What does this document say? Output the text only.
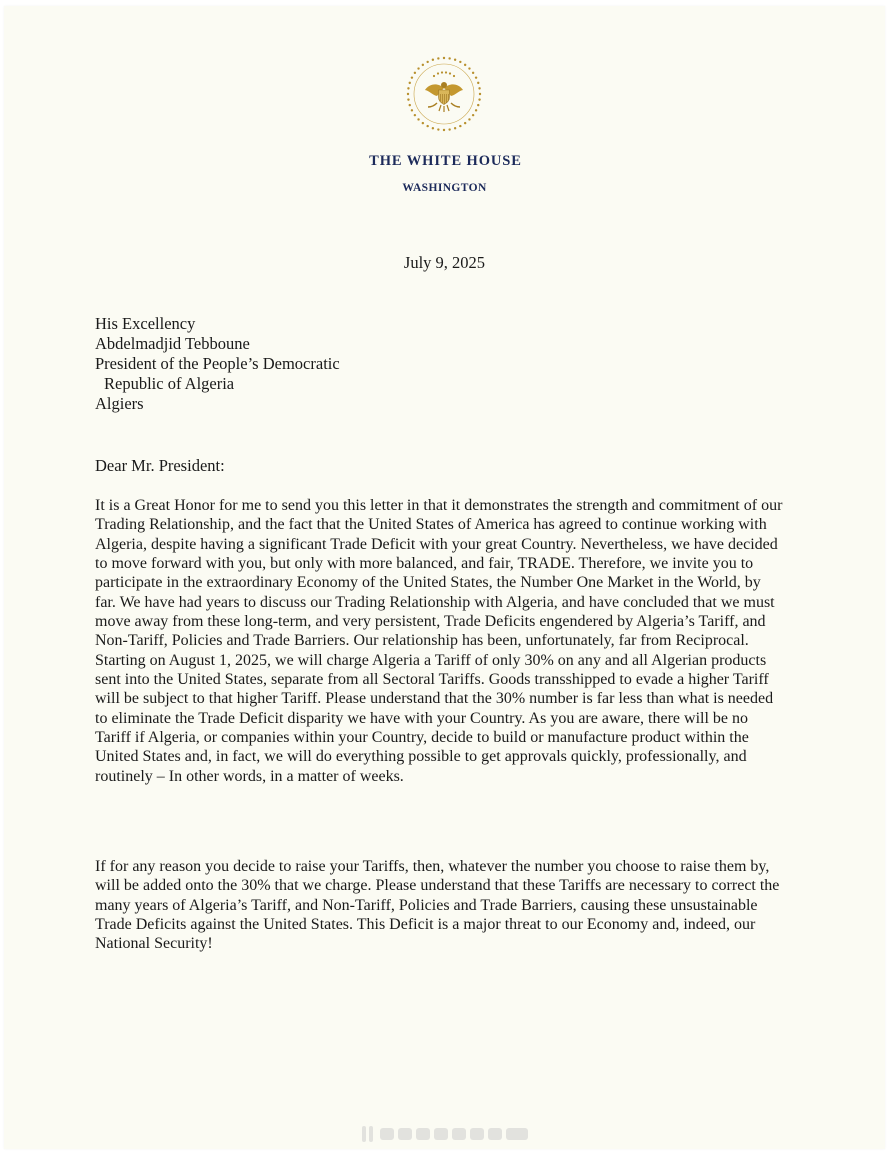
THE WHITE HOUSE
WASHINGTON
July 9, 2025
His Excellency
Abdelmadjid Tebboune
President of the People’s Democratic
Republic of Algeria
Algiers
Dear Mr. President:

It is a Great Honor for me to send you this letter in that it demonstrates the strength and commitment of our Trading Relationship, and the fact that the United States of America has agreed to continue working with Algeria, despite having a significant Trade Deficit with your great Country. Nevertheless, we have decided to move forward with you, but only with more balanced, and fair, TRADE. Therefore, we invite you to participate in the extraordinary Economy of the United States, the Number One Market in the World, by far. We have had years to discuss our Trading Relationship with Algeria, and have concluded that we must move away from these long-term, and very persistent, Trade Deficits engendered by Algeria’s Tariff, and Non-Tariff, Policies and Trade Barriers. Our relationship has been, unfortunately, far from Reciprocal. Starting on August 1, 2025, we will charge Algeria a Tariff of only 30% on any and all Algerian products sent into the United States, separate from all Sectoral Tariffs. Goods transshipped to evade a higher Tariff will be subject to that higher Tariff. Please understand that the 30% number is far less than what is needed to eliminate the Trade Deficit disparity we have with your Country. As you are aware, there will be no Tariff if Algeria, or companies within your Country, decide to build or manufacture product within the United States and, in fact, we will do everything possible to get approvals quickly, professionally, and routinely – In other words, in a matter of weeks.

If for any reason you decide to raise your Tariffs, then, whatever the number you choose to raise them by, will be added onto the 30% that we charge. Please understand that these Tariffs are necessary to correct the many years of Algeria’s Tariff, and Non-Tariff, Policies and Trade Barriers, causing these unsustainable Trade Deficits against the United States. This Deficit is a major threat to our Economy and, indeed, our National Security!
